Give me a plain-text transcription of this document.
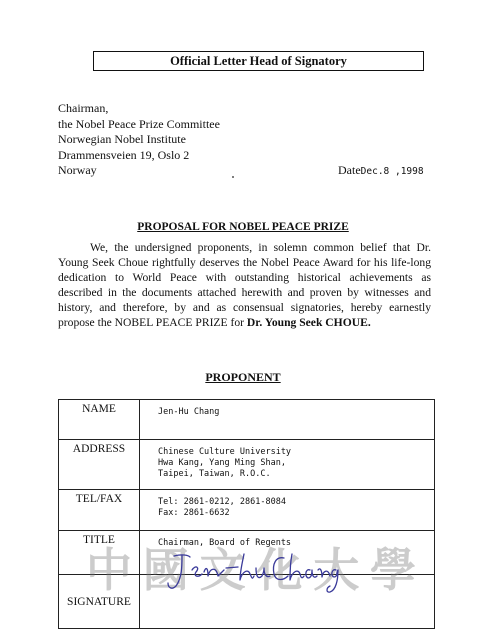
Official Letter Head of Signatory
Chairman,
the Nobel Peace Prize Committee
Norwegian Nobel Institute
Drammensveien 19, Oslo 2
Norway	DateDec.8 ,1998
PROPOSAL FOR NOBEL PEACE PRIZE
We, the undersigned proponents, in solemn common belief that Dr. Young Seek Choue rightfully deserves the Nobel Peace Award for his life-long dedication to World Peace with outstanding historical achievements as described in the documents attached herewith and proven by witnesses and history, and therefore, by and as consensual signatories, hereby earnestly propose the NOBEL PEACE PRIZE for Dr. Young Seek CHOUE.
PROPONENT
NAME	Jen-Hu Chang
ADDRESS	Chinese Culture University
Hwa Kang, Yang Ming Shan,
Taipei, Taiwan, R.O.C.

TEL/FAX	Tel: 2861-0212, 2861-8084
Fax: 2861-6632

TITLE	Chairman, Board of Regents
SIGNATURE	
中 國 文 化 大 學
